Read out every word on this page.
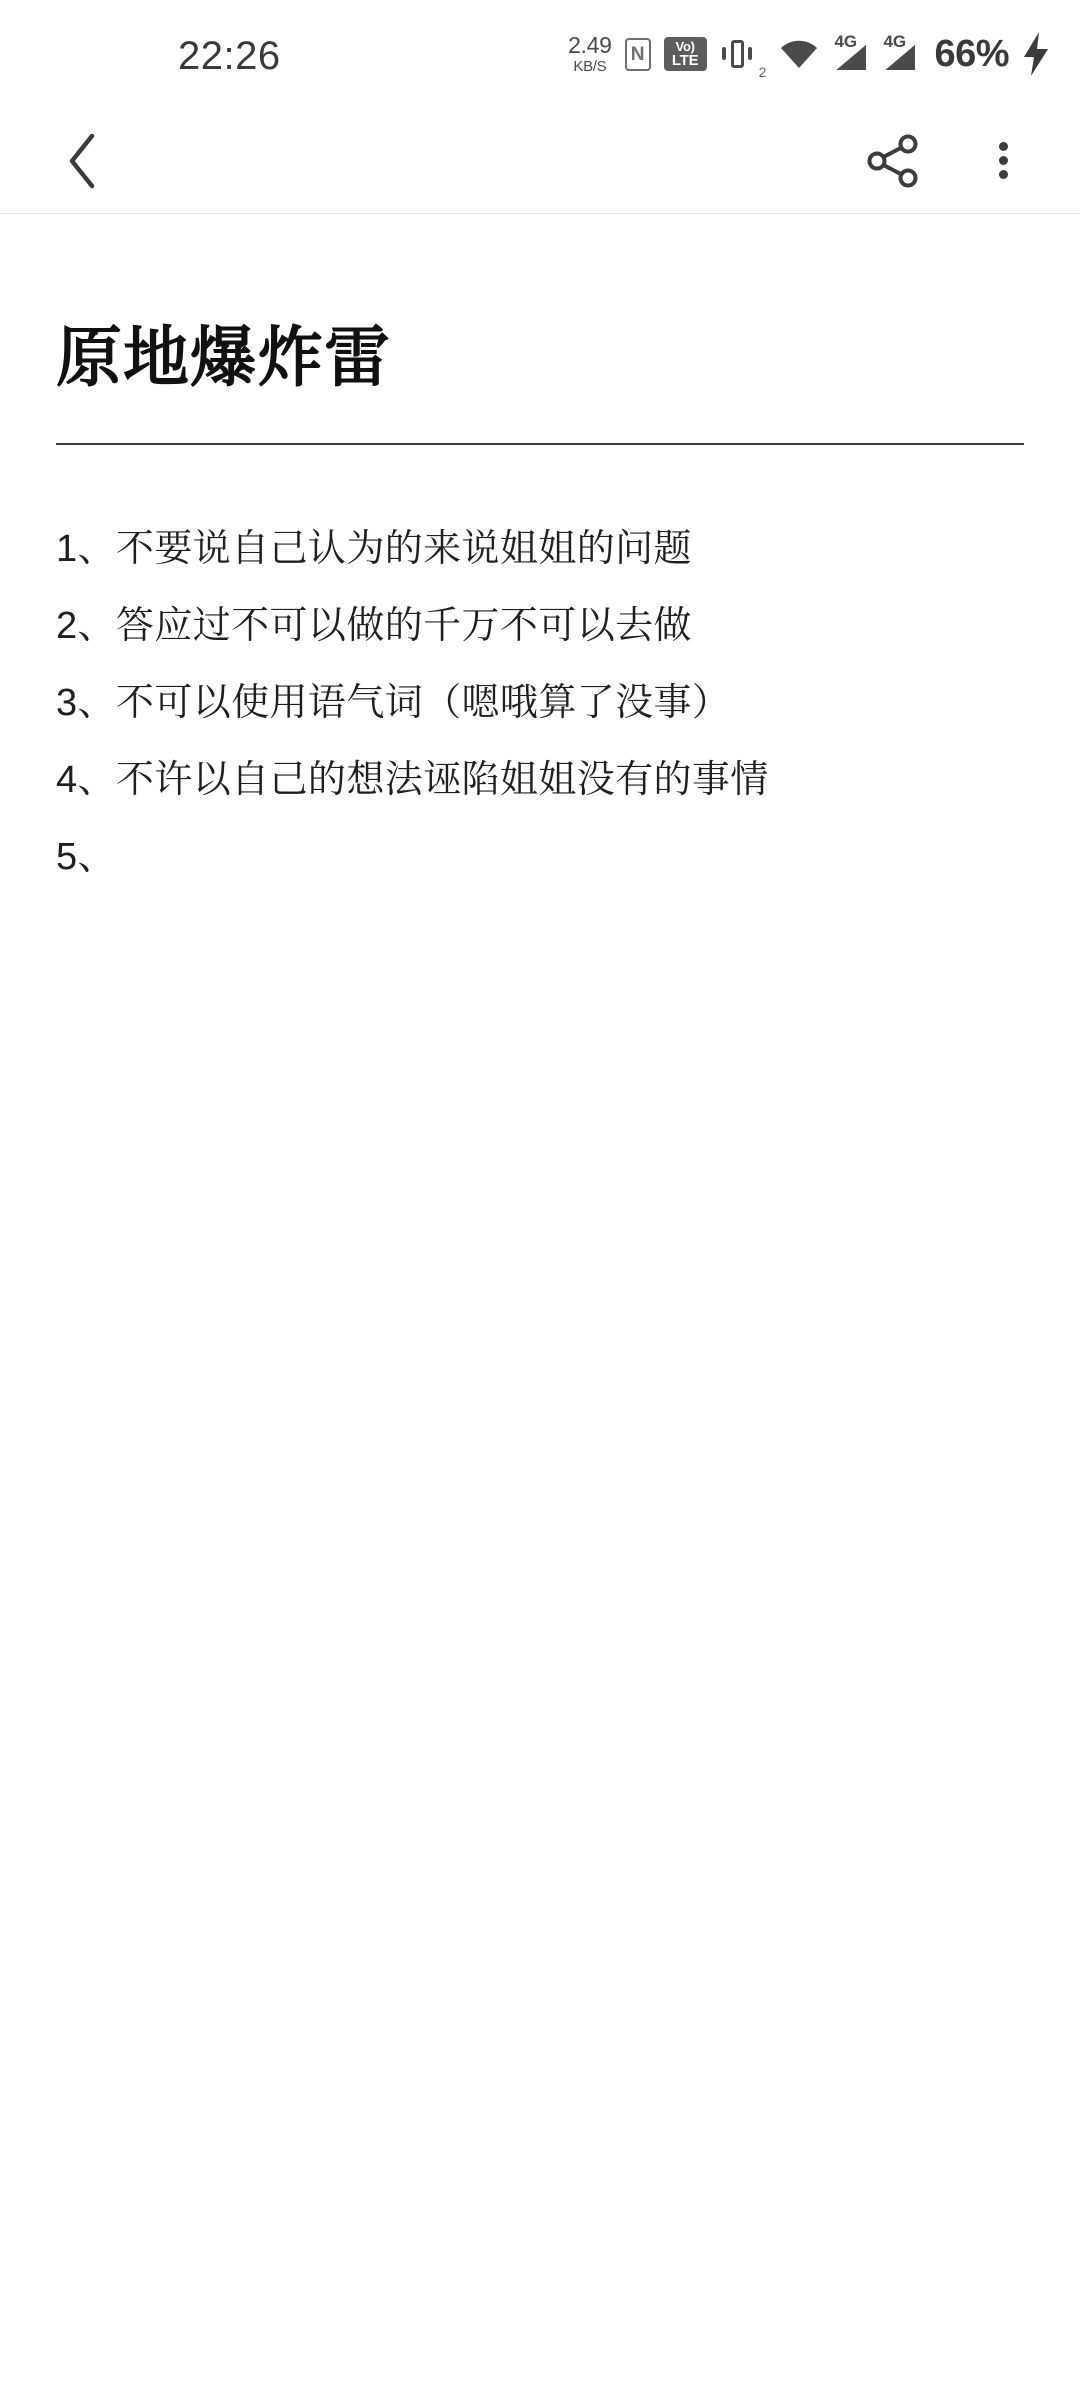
22:26	2.49
KB/S
N Vo)
LTE
2
4G 4G 66%
原地爆炸雷
1、不要说自己认为的来说姐姐的问题
2、答应过不可以做的千万不可以去做
3、不可以使用语气词（嗯哦算了没事）
4、不许以自己的想法诬陷姐姐没有的事情
5、
